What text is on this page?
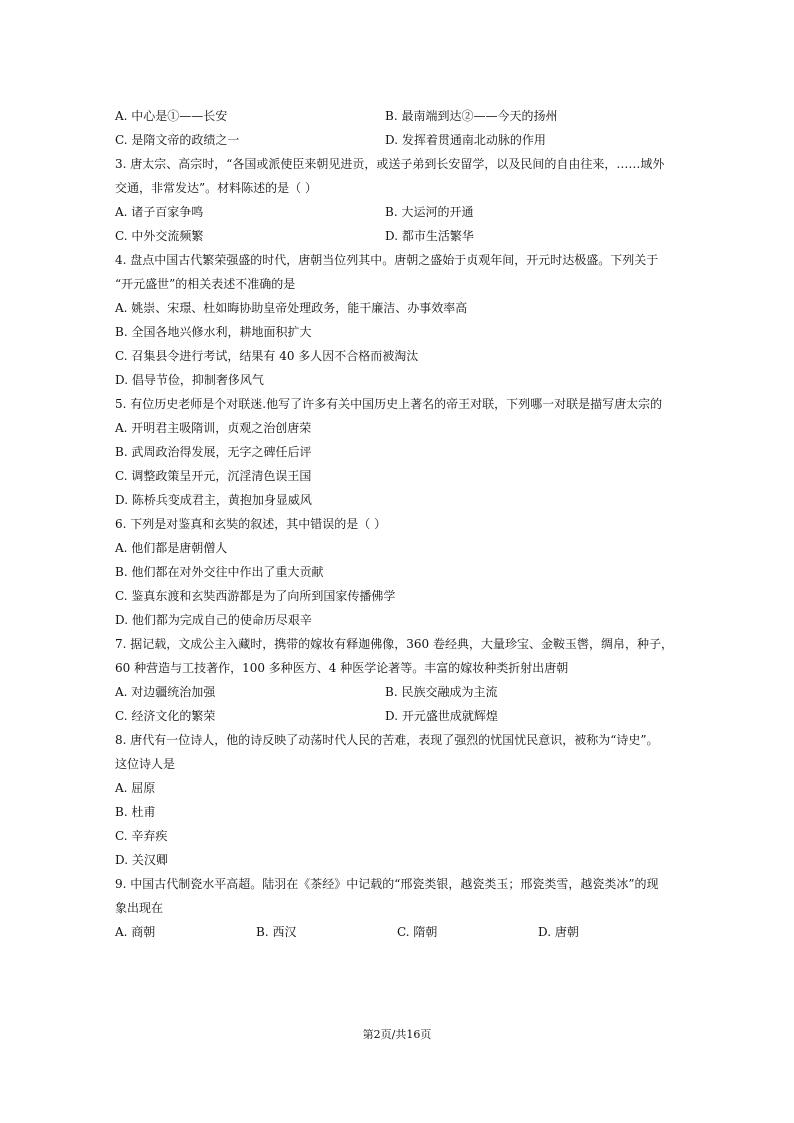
A. 中心是①——长安	B. 最南端到达②——今天的扬州
C. 是隋文帝的政绩之一	D. 发挥着贯通南北动脉的作用
3. 唐太宗、高宗时，“各国或派使臣来朝见进贡，或送子弟到长安留学，以及民间的自由往来，……域外
交通，非常发达”。材料陈述的是（ ）
A. 诸子百家争鸣	B. 大运河的开通
C. 中外交流频繁	D. 都市生活繁华
4. 盘点中国古代繁荣强盛的时代，唐朝当位列其中。唐朝之盛始于贞观年间，开元时达极盛。下列关于
“开元盛世”的相关表述不准确的是
A. 姚崇、宋璟、杜如晦协助皇帝处理政务，能干廉洁、办事效率高
B. 全国各地兴修水利，耕地面积扩大
C. 召集县令进行考试，结果有 40 多人因不合格而被淘汰
D. 倡导节俭，抑制奢侈风气
5. 有位历史老师是个对联迷.他写了许多有关中国历史上著名的帝王对联，下列哪一对联是描写唐太宗的
A. 开明君主吸隋训，贞观之治创唐荣
B. 武周政治得发展，无字之碑任后评
C. 调整政策呈开元，沉淫清色误王国
D. 陈桥兵变成君主，黄抱加身显威风
6. 下列是对鉴真和玄奘的叙述，其中错误的是（ ）
A. 他们都是唐朝僧人
B. 他们都在对外交往中作出了重大贡献
C. 鉴真东渡和玄奘西游都是为了向所到国家传播佛学
D. 他们都为完成自己的使命历尽艰辛
7. 据记载，文成公主入藏时，携带的嫁妆有释迦佛像，360 卷经典，大量珍宝、金鞍玉辔，绸帛，种子，
60 种营造与工技著作，100 多种医方、4 种医学论著等。丰富的嫁妆种类折射出唐朝
A. 对边疆统治加强	B. 民族交融成为主流
C. 经济文化的繁荣	D. 开元盛世成就辉煌
8. 唐代有一位诗人，他的诗反映了动荡时代人民的苦难，表现了强烈的忧国忧民意识，被称为“诗史”。
这位诗人是
A. 屈原
B. 杜甫
C. 辛弃疾
D. 关汉卿
9. 中国古代制瓷水平高超。陆羽在《茶经》中记载的“邢瓷类银，越瓷类玉；邢瓷类雪，越瓷类冰”的现
象出现在
A. 商朝	B. 西汉	C. 隋朝	D. 唐朝
第2页/共16页
